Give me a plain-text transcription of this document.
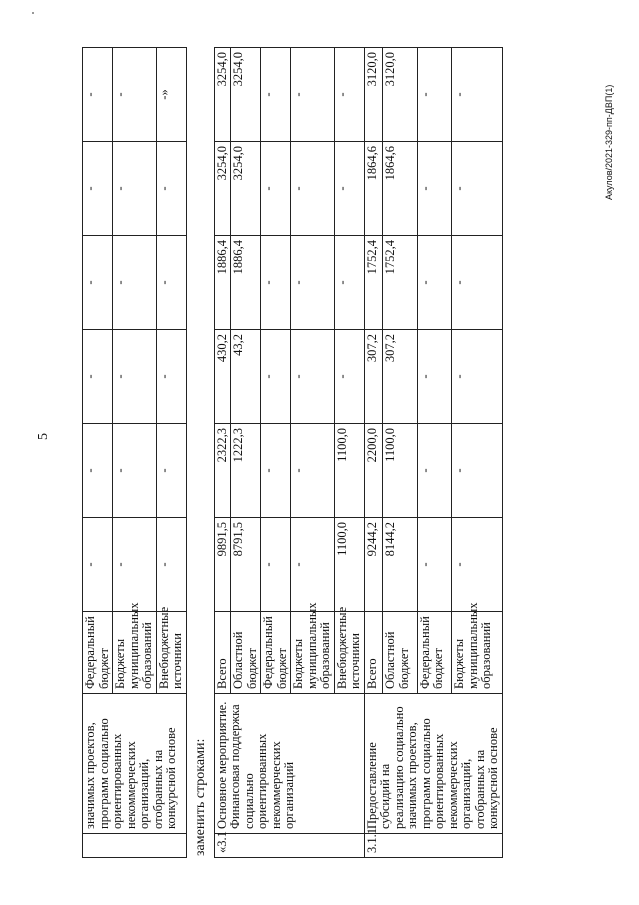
5
Акулов/2021-329-пп-ДВП(1)
	значимых проектов, программ социально ориентированных некоммерческих организаций, отобранных на конкурсной основе	Федеральный бюджет	-	-	-	-	-	-
		Бюджеты муниципальных образований	-	-	-	-	-	-
		Внебюджетные источники	-	-	-	-	-	-»
заменить строками: «3.1	Основное мероприятие. Финансовая поддержка социально ориентированных некоммерческих организаций	Всего	9891,5	2322,3	430,2	1886,4	3254,0	3254,0
		Областной бюджет	8791,5	1222,3	43,2	1886,4	3254,0	3254,0
		Федеральный бюджет	-	-	-	-	-	-
		Бюджеты муниципальных образований	-	-	-	-	-	-
		Внебюджетные источники	1100,0	1100,0	-	-	-	-
3.1.1	Предоставление субсидий на реализацию социально значимых проектов, программ социально ориентированных некоммерческих организаций, отобранных на конкурсной основе	Всего	9244,2	2200,0	307,2	1752,4	1864,6	3120,0
		Областной бюджет	8144,2	1100,0	307,2	1752,4	1864,6	3120,0
		Федеральный бюджет	-	-	-	-	-	-
		Бюджеты муниципальных образований	-	-	-	-	-	-
